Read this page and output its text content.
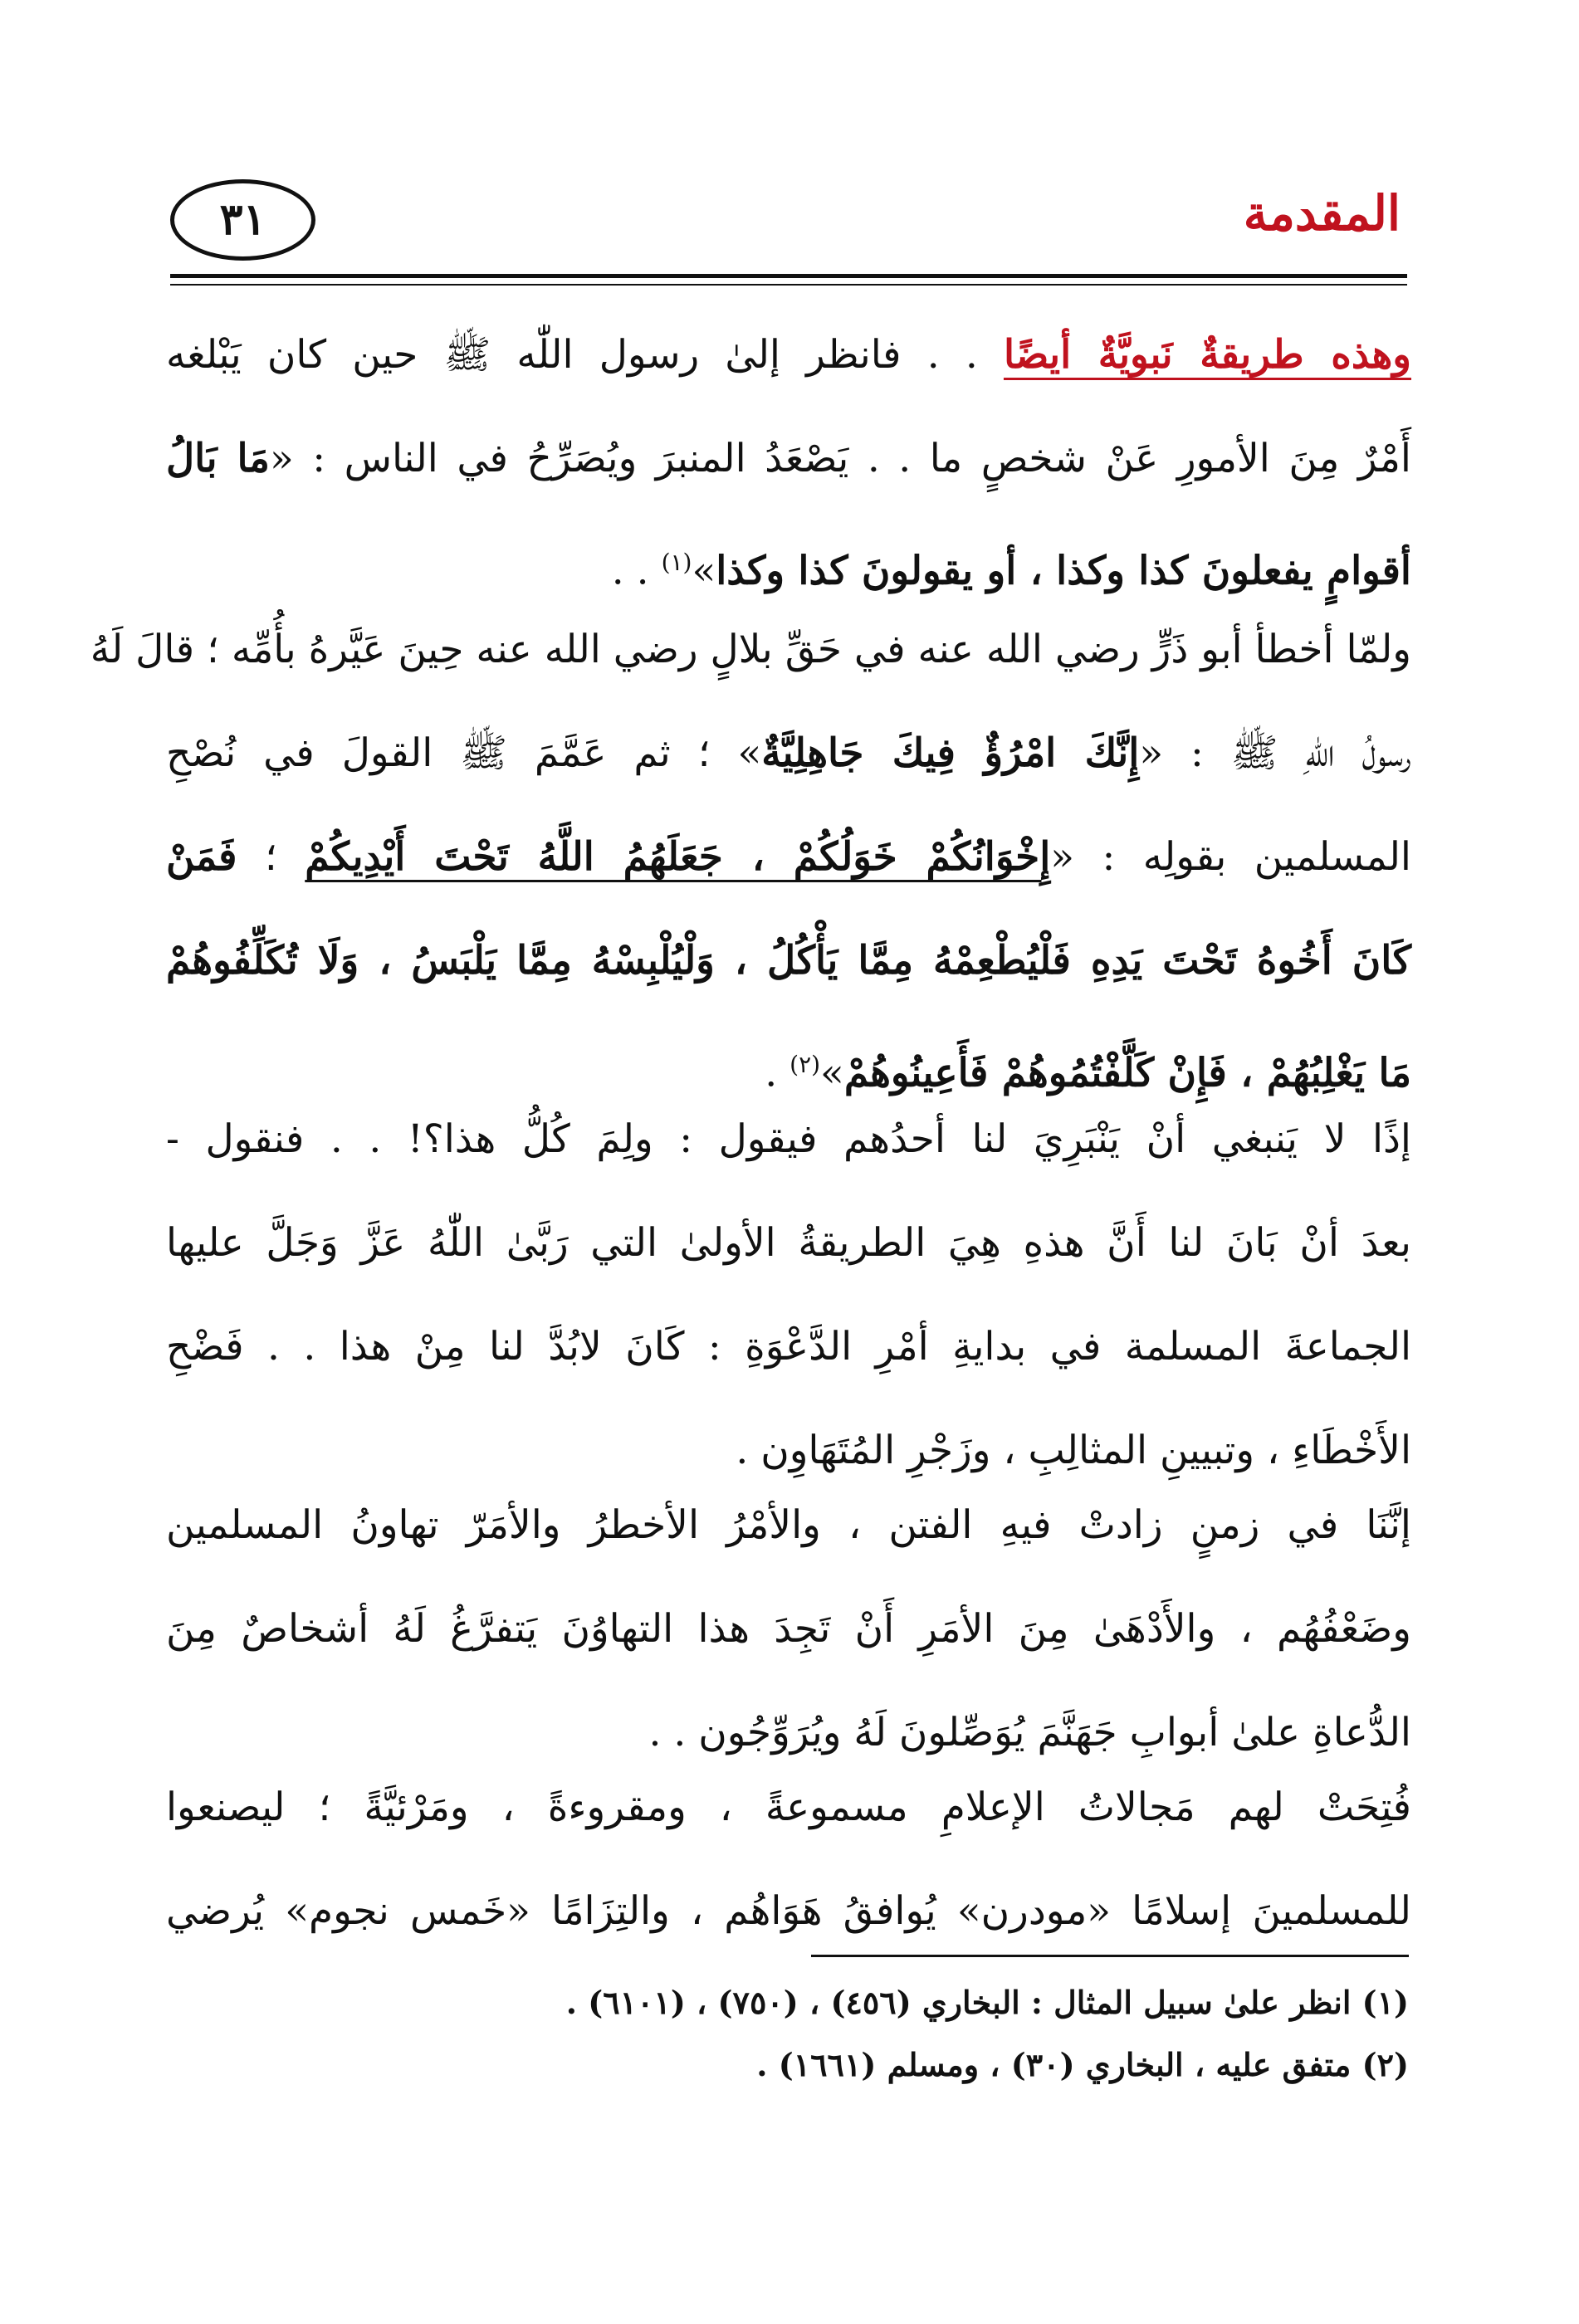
المقدمة
٣١
وهذه طريقةٌ نَبويَّةٌ أيضًا . . فانظر إلىٰ رسول اللّٰه ﷺ حين كان يَبْلغه
أَمْرٌ مِنَ الأمورِ عَنْ شخصٍ ما . . يَصْعَدُ المنبرَ ويُصَرِّحُ في الناس : «مَا بَالُ
أقوامٍ يفعلونَ كذا وكذا ، أو يقولونَ كذا وكذا»$^{(١)}$ . .
ولمّا أخطأ أبو ذَرٍّ رضي الله عنه في حَقِّ بلالٍ رضي الله عنه حِينَ عَيَّرهُ بأُمِّه ؛ قالَ لَهُ
رسولُ اللّٰهِ ﷺ : «إِنَّكَ امْرُؤٌ فِيكَ جَاهِلِيَّةٌ» ؛ ثم عَمَّمَ ﷺ القولَ في نُصْحِ
المسلمين بقولِه : «إِخْوَانُكُمْ خَوَلُكُمْ ، جَعَلَهُمُ اللَّهُ تَحْتَ أَيْدِيكُمْ ؛ فَمَنْ
كَانَ أَخُوهُ تَحْتَ يَدِهِ فَلْيُطْعِمْهُ مِمَّا يَأْكُلُ ، وَلْيُلْبِسْهُ مِمَّا يَلْبَسُ ، وَلَا تُكَلِّفُوهُمْ
مَا يَغْلِبُهُمْ ، فَإِنْ كَلَّفْتُمُوهُمْ فَأَعِينُوهُمْ»$^{(٢)}$ .
إذًا لا يَنبغي أنْ يَنْبَرِيَ لنا أحدُهم فيقول : ولِمَ كُلُّ هذا؟! . . فنقول -
بعدَ أنْ بَانَ لنا أَنَّ هذهِ هِيَ الطريقةُ الأولىٰ التي رَبَّىٰ اللّٰهُ عَزَّ وَجَلَّ عليها
الجماعةَ المسلمة في بدايةِ أمْرِ الدَّعْوَةِ : كَانَ لابُدَّ لنا مِنْ هذا . . فَضْحِ
الأَخْطَاءِ ، وتبيينِ المثالِبِ ، وزَجْرِ المُتَهَاوِن .
إنَّنَا في زمنٍ زادتْ فيهِ الفتن ، والأمْرُ الأخطرُ والأمَرّ تهاونُ المسلمين
وضَعْفُهُم ، والأَدْهَىٰ مِنَ الأمَرِ أَنْ تَجِدَ هذا التهاوُنَ يَتفرَّغُ لَهُ أشخاصٌ مِنَ
الدُّعاةِ علىٰ أبوابِ جَهَنَّمَ يُوَصِّلونَ لَهُ ويُرَوِّجُون . .
فُتِحَتْ لهم مَجالاتُ الإعلامِ مسموعةً ، ومقروءةً ، ومَرْئيَّةً ؛ ليصنعوا
للمسلمينَ إسلامًا «مودرن» يُوافقُ هَوَاهُم ، والتِزَامًا «خَمس نجوم» يُرضي
(١) انظر علىٰ سبيل المثال : البخاري (٤٥٦) ، (٧٥٠) ، (٦١٠١) .
(٢) متفق عليه ، البخاري (٣٠) ، ومسلم (١٦٦١) .
